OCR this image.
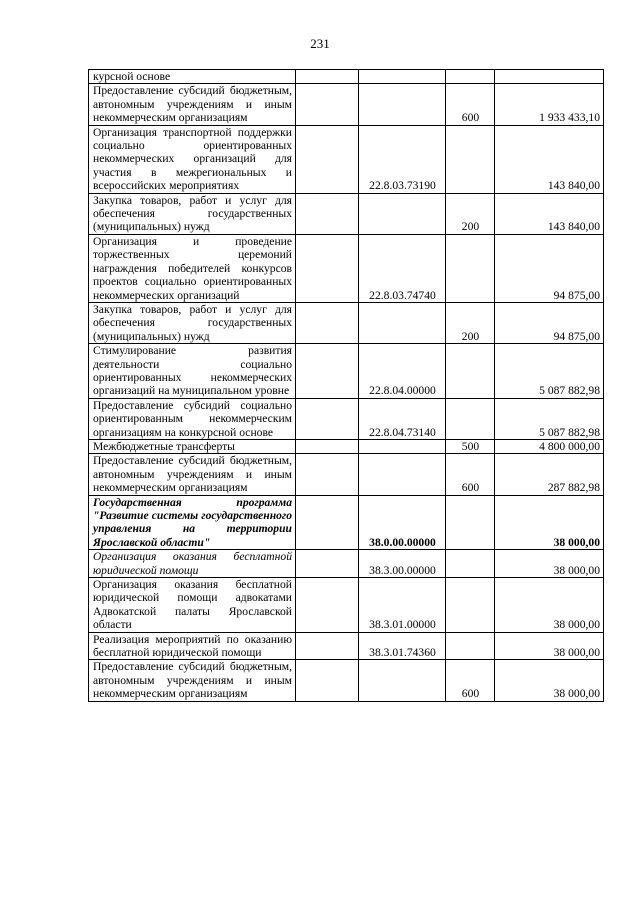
231
курсной основе				
Предоставление субсидий бюджетным, автономным учреждениям и иным некоммерческим организациям			600	1 933 433,10
Организация транспортной поддержки социально ориентированных некоммерческих организаций для участия в межрегиональных и всероссийских мероприятиях		22.8.03.73190		143 840,00
Закупка товаров, работ и услуг для обеспечения государственных (муниципальных) нужд			200	143 840,00
Организация и проведение торжественных церемоний награждения победителей конкурсов проектов социально ориентированных некоммерческих организаций		22.8.03.74740		94 875,00
Закупка товаров, работ и услуг для обеспечения государственных (муниципальных) нужд			200	94 875,00
Стимулирование развития деятельности социально ориентированных некоммерческих организаций на муниципальном уровне		22.8.04.00000		5 087 882,98
Предоставление субсидий социально ориентированным некоммерческим организациям на конкурсной основе		22.8.04.73140		5 087 882,98
Межбюджетные трансферты			500	4 800 000,00
Предоставление субсидий бюджетным, автономным учреждениям и иным некоммерческим организациям			600	287 882,98
Государственная программа "Развитие системы государственного управления на территории Ярославской области"		38.0.00.00000		38 000,00
Организация оказания бесплатной юридической помощи		38.3.00.00000		38 000,00
Организация оказания бесплатной юридической помощи адвокатами Адвокатской палаты Ярославской области		38.3.01.00000		38 000,00
Реализация мероприятий по оказанию бесплатной юридической помощи		38.3.01.74360		38 000,00
Предоставление субсидий бюджетным, автономным учреждениям и иным некоммерческим организациям			600	38 000,00
